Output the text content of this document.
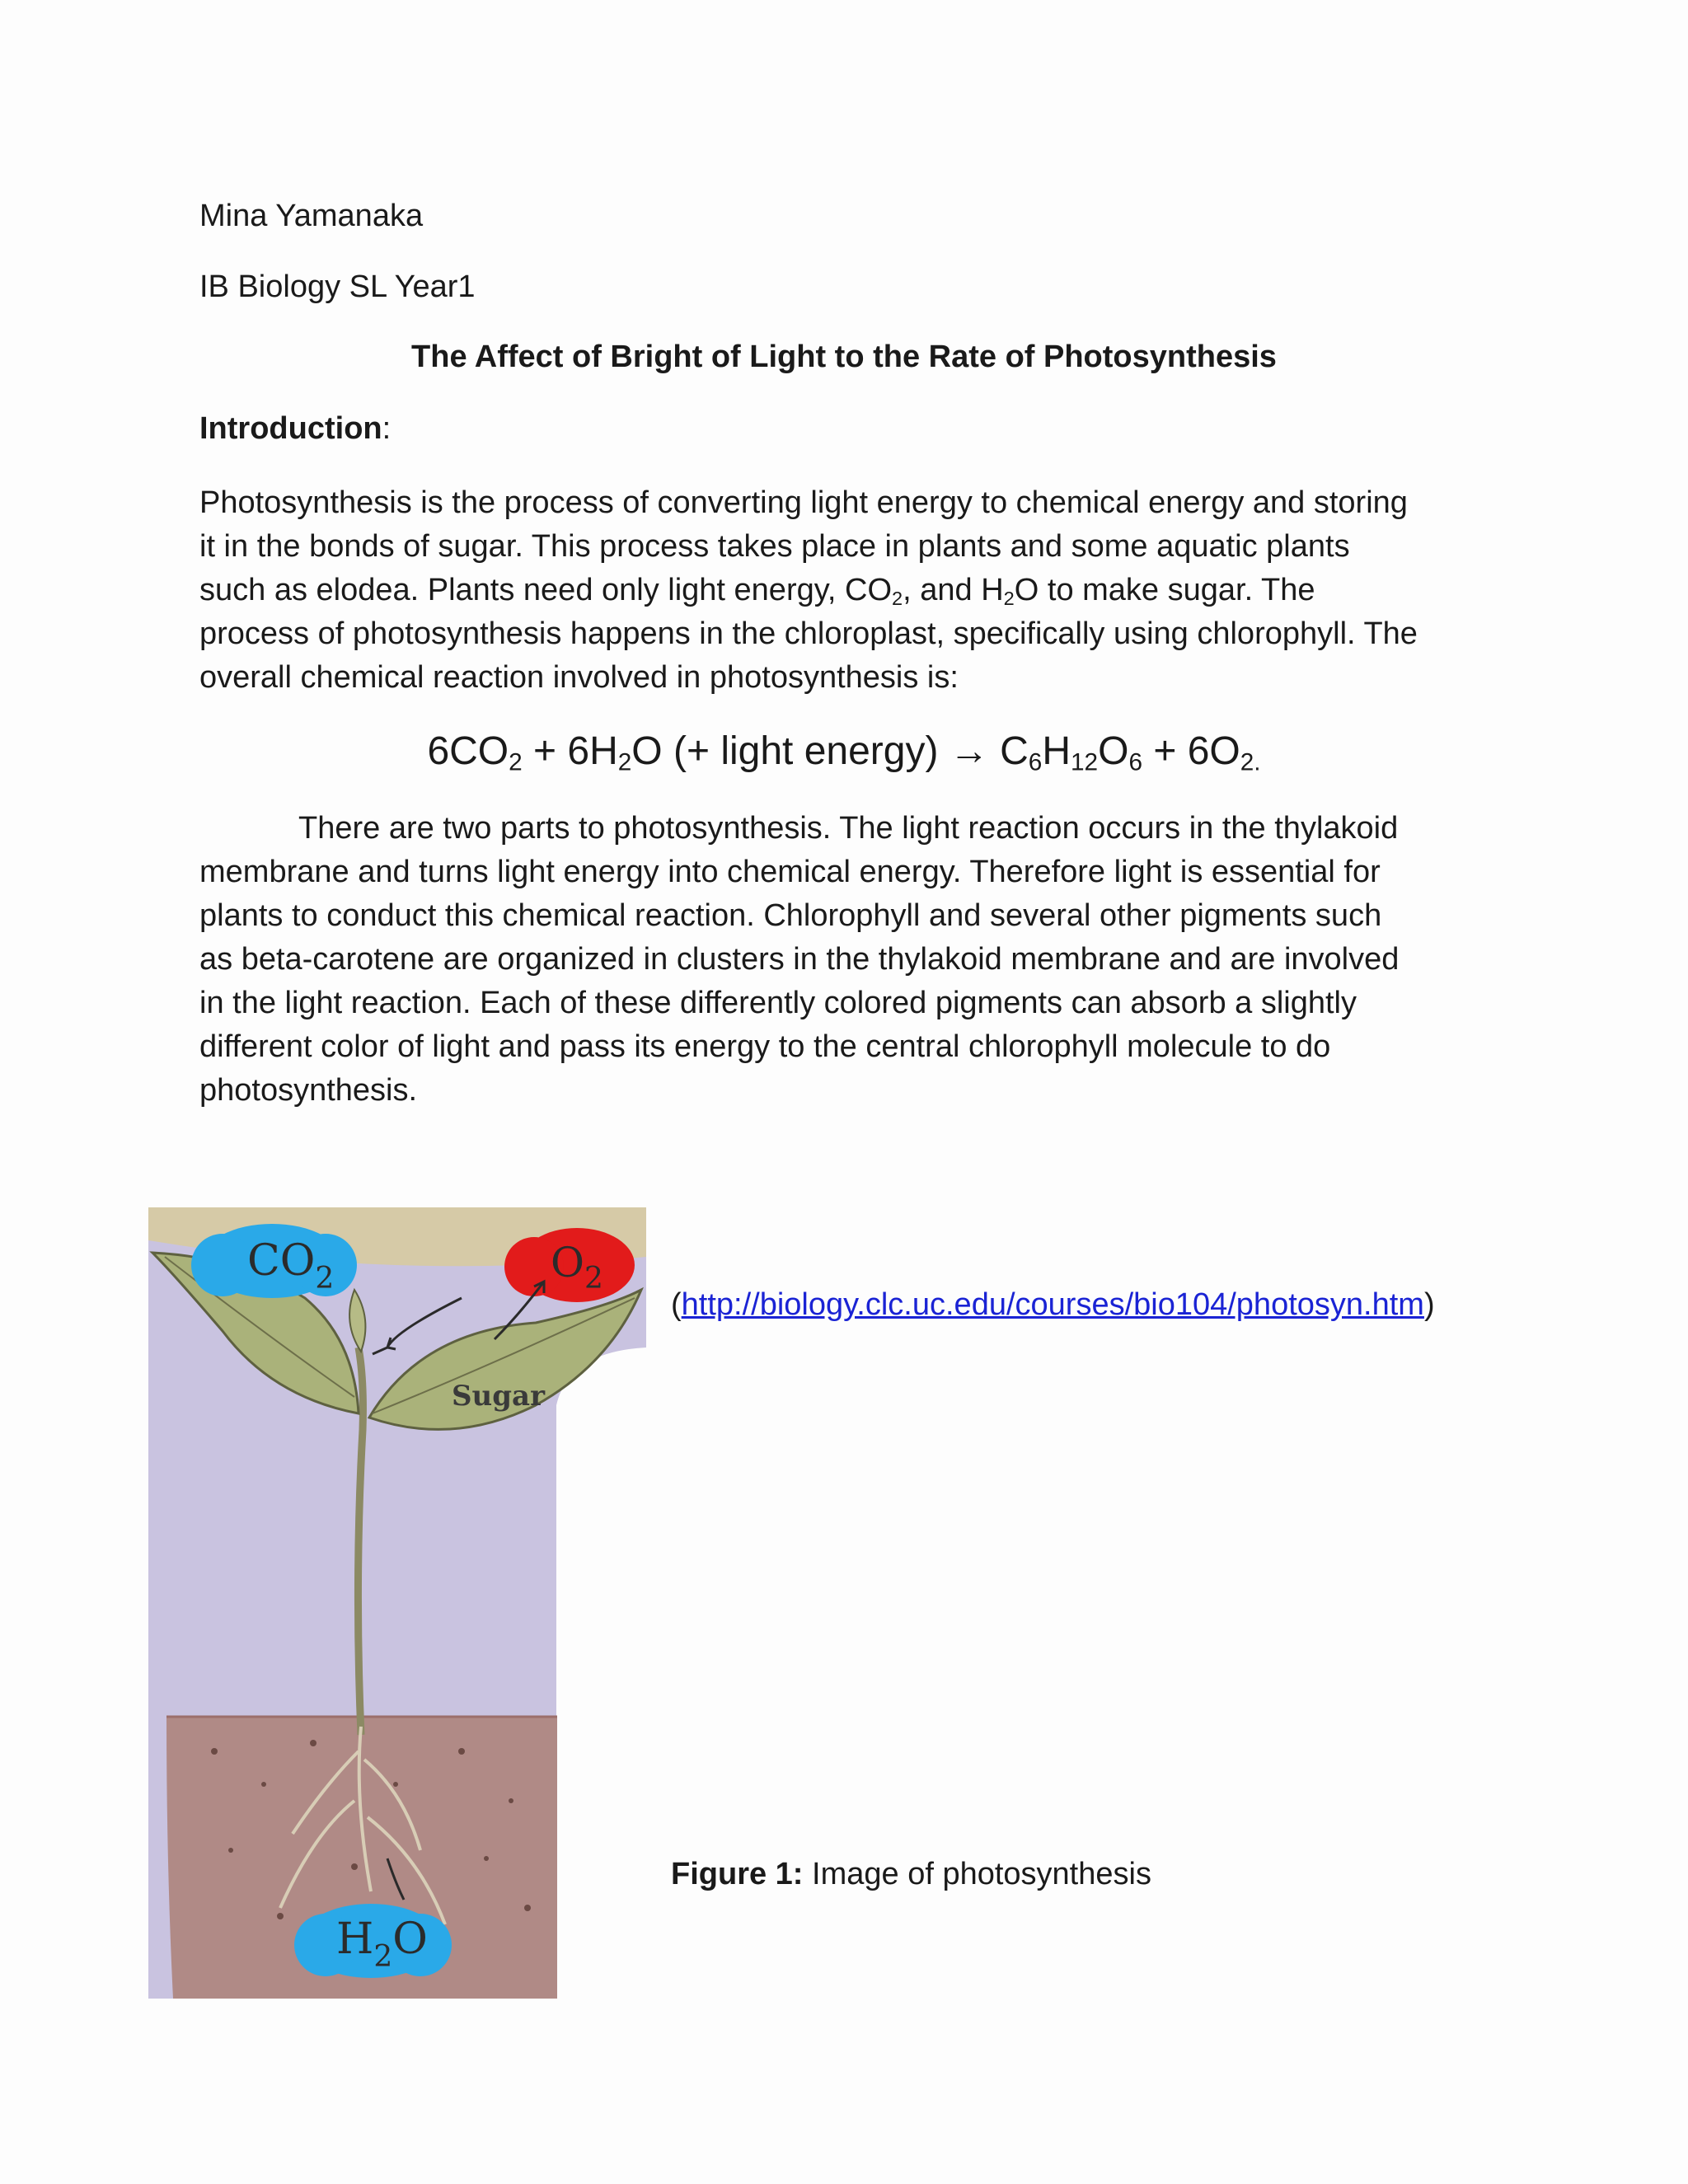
Mina Yamanaka
IB Biology SL Year1
The Affect of Bright of Light to the Rate of Photosynthesis
Introduction:
Photosynthesis is the process of converting light energy to chemical energy and storing
it in the bonds of sugar. This process takes place in plants and some aquatic plants
such as elodea. Plants need only light energy, $CO_2$, and $H_2O$ to make sugar. The
process of photosynthesis happens in the chloroplast, specifically using chlorophyll. The
overall chemical reaction involved in photosynthesis is:
$6CO_2 + 6H_2O$ (+ light energy) → $C_6H_{12}O_6 + 6O_{2.}$
There are two parts to photosynthesis. The light reaction occurs in the thylakoid
membrane and turns light energy into chemical energy. Therefore light is essential for
plants to conduct this chemical reaction. Chlorophyll and several other pigments such
as beta-carotene are organized in clusters in the thylakoid membrane and are involved
in the light reaction. Each of these differently colored pigments can absorb a slightly
different color of light and pass its energy to the central chlorophyll molecule to do
photosynthesis.
$CO_2$	$O_2$
Sugar
$H_2O$
(http://biology.clc.uc.edu/courses/bio104/photosyn.htm)
Figure 1: Image of photosynthesis
